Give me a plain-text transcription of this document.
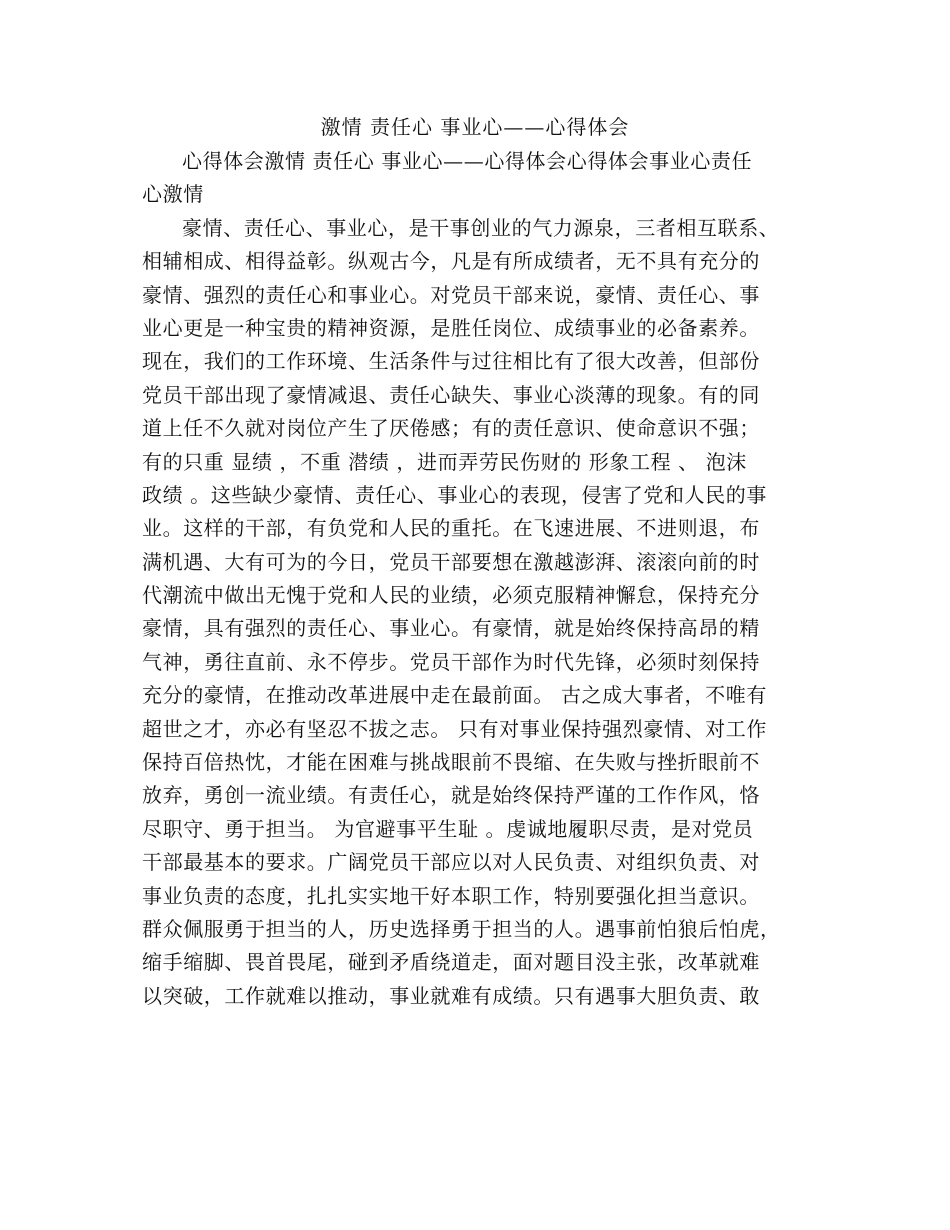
激情 责任心 事业心——心得体会
心得体会激情 责任心 事业心——心得体会心得体会事业心责任
心激情
豪情、责任心、事业心，是干事创业的气力源泉，三者相互联系、
相辅相成、相得益彰。纵观古今，凡是有所成绩者，无不具有充分的
豪情、强烈的责任心和事业心。对党员干部来说，豪情、责任心、事
业心更是一种宝贵的精神资源，是胜任岗位、成绩事业的必备素养。
现在，我们的工作环境、生活条件与过往相比有了很大改善，但部份
党员干部出现了豪情减退、责任心缺失、事业心淡薄的现象。有的同
道上任不久就对岗位产生了厌倦感；有的责任意识、使命意识不强；
有的只重 显绩 ，不重 潜绩 ，进而弄劳民伤财的 形象工程 、 泡沫
政绩 。这些缺少豪情、责任心、事业心的表现，侵害了党和人民的事
业。这样的干部，有负党和人民的重托。在飞速进展、不进则退，布
满机遇、大有可为的今日，党员干部要想在激越澎湃、滚滚向前的时
代潮流中做出无愧于党和人民的业绩，必须克服精神懈怠，保持充分
豪情，具有强烈的责任心、事业心。有豪情，就是始终保持高昂的精
气神，勇往直前、永不停步。党员干部作为时代先锋，必须时刻保持
充分的豪情，在推动改革进展中走在最前面。 古之成大事者，不唯有
超世之才，亦必有坚忍不拔之志。 只有对事业保持强烈豪情、对工作
保持百倍热忱，才能在困难与挑战眼前不畏缩、在失败与挫折眼前不
放弃，勇创一流业绩。有责任心，就是始终保持严谨的工作作风，恪
尽职守、勇于担当。 为官避事平生耻 。虔诚地履职尽责，是对党员
干部最基本的要求。广阔党员干部应以对人民负责、对组织负责、对
事业负责的态度，扎扎实实地干好本职工作，特别要强化担当意识。
群众佩服勇于担当的人，历史选择勇于担当的人。遇事前怕狼后怕虎，
缩手缩脚、畏首畏尾，碰到矛盾绕道走，面对题目没主张，改革就难
以突破，工作就难以推动，事业就难有成绩。只有遇事大胆负责、敢
